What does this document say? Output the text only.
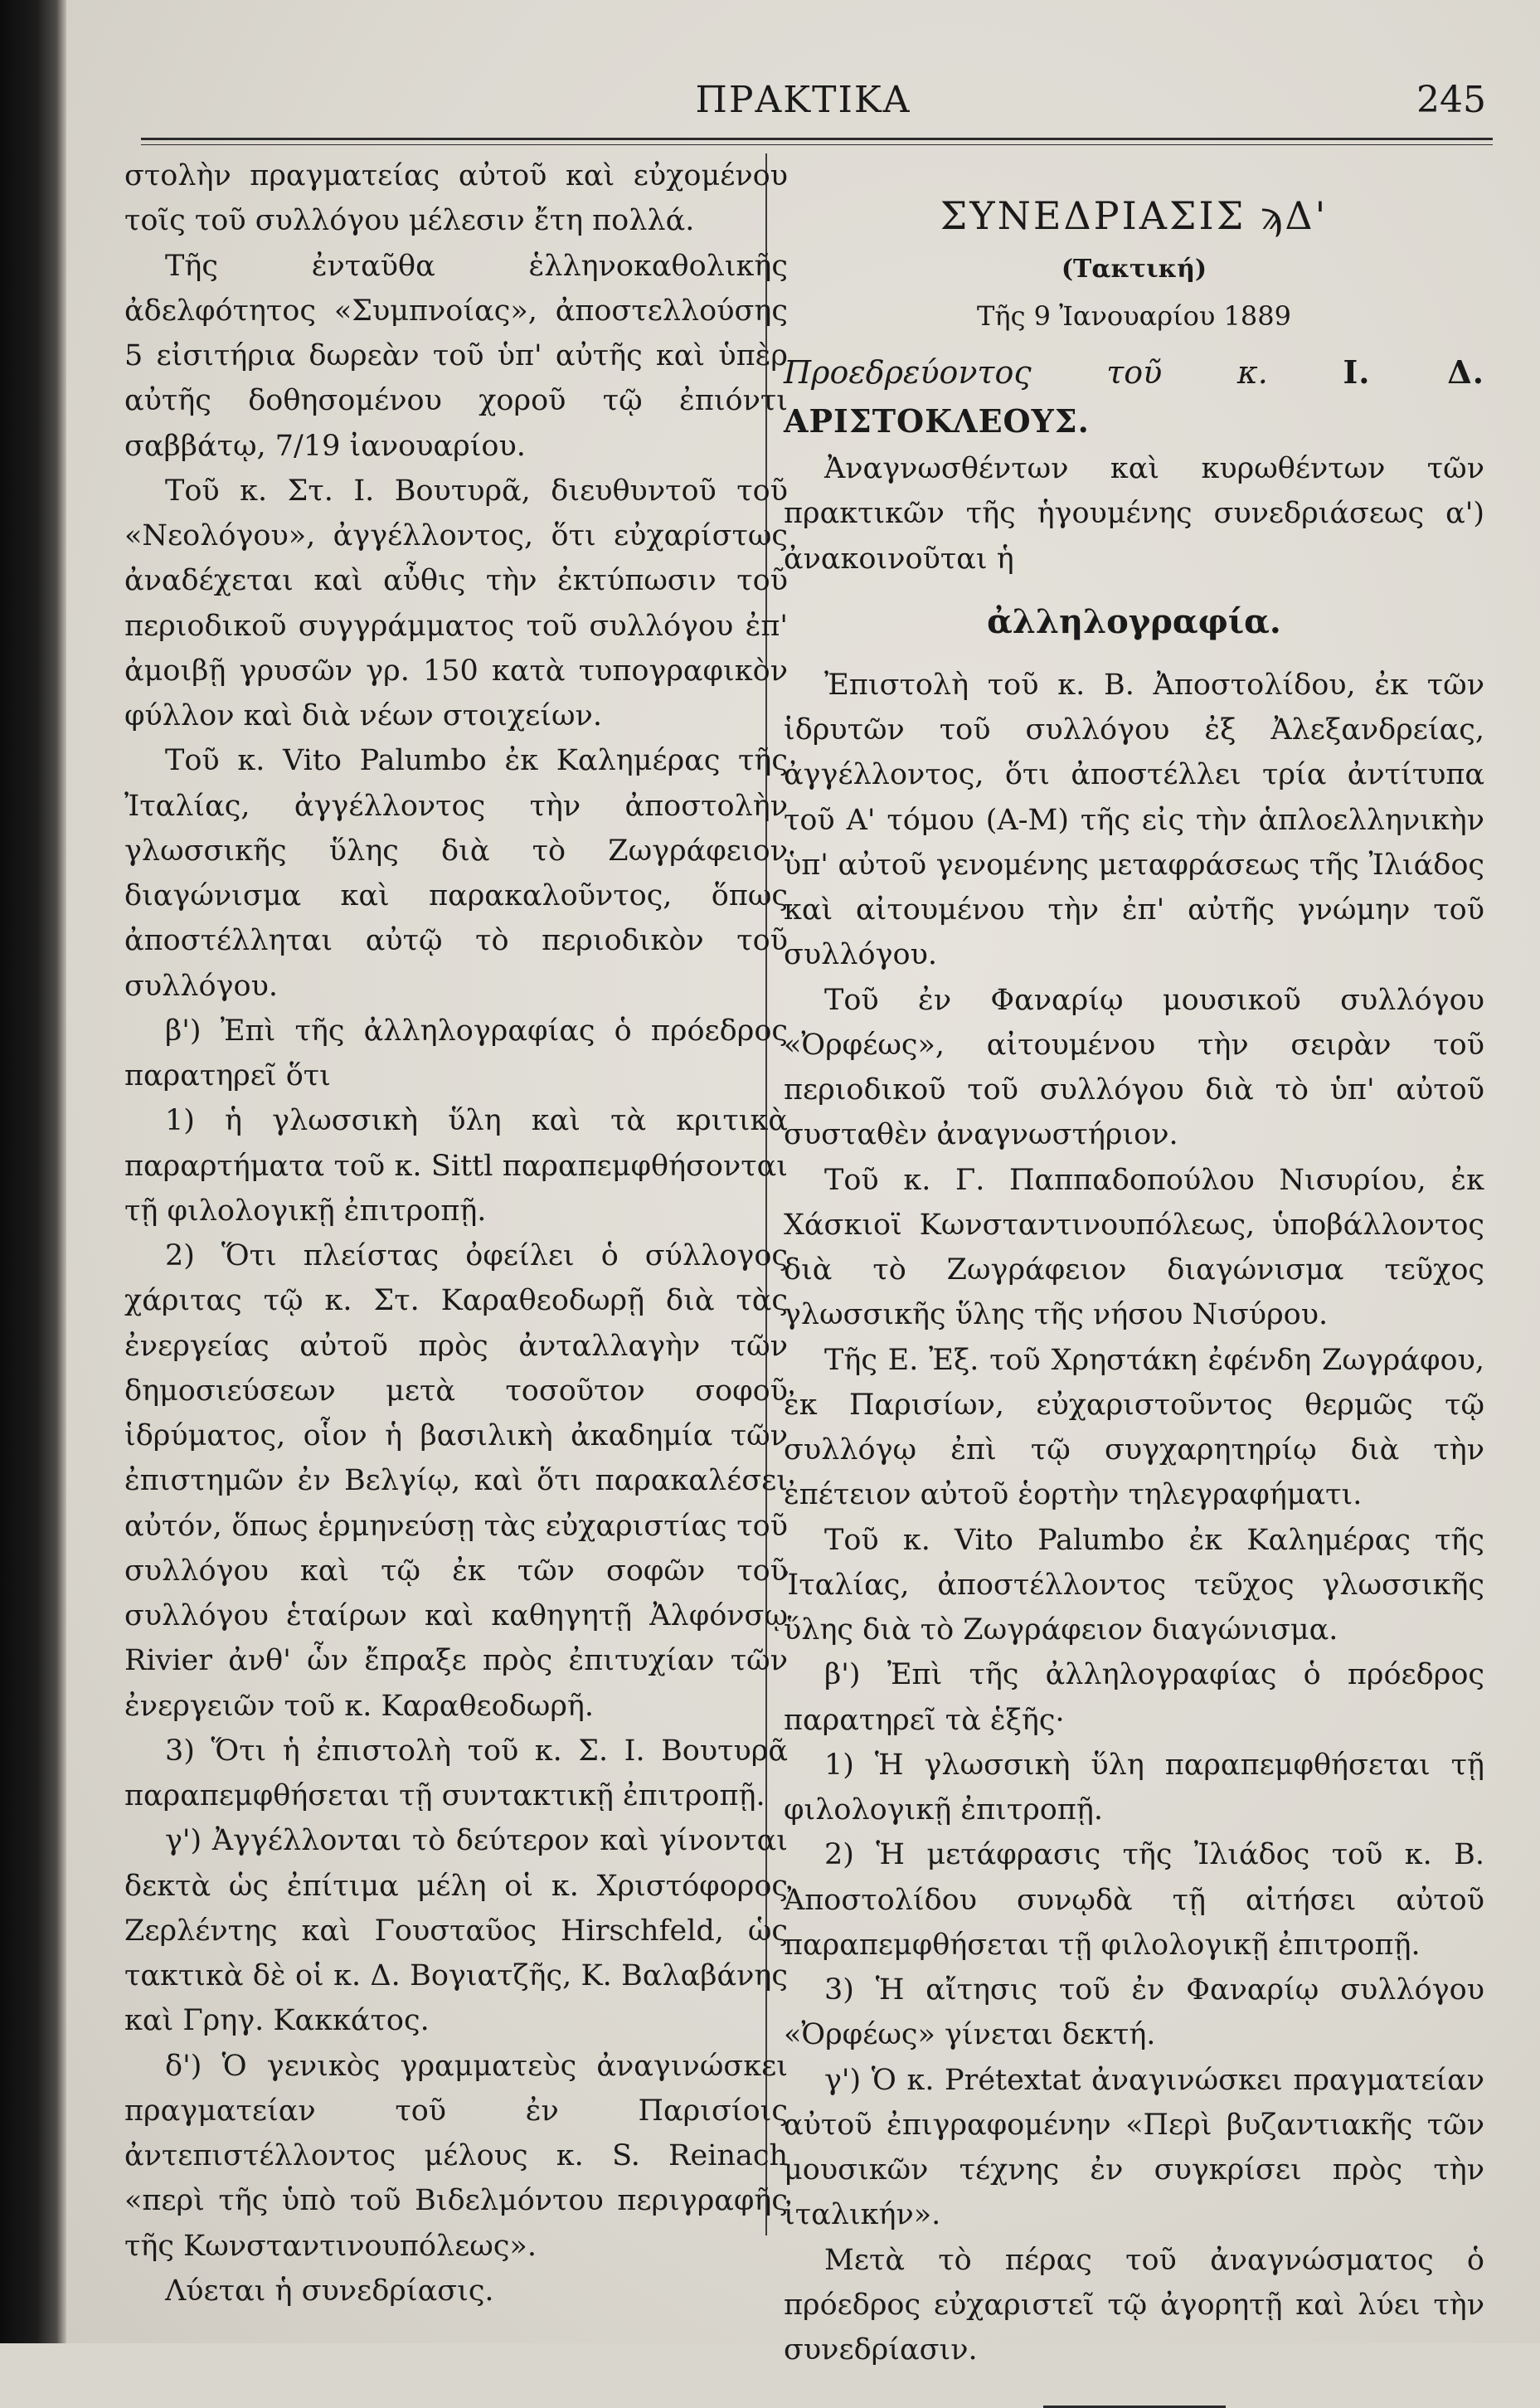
ΠΡΑΚΤΙΚΑ	245

στολὴν πραγματείας αὐτοῦ καὶ εὐχομένου τοῖς τοῦ συλλόγου μέλεσιν ἔτη πολλά.

Τῆς ἐνταῦθα ἑλληνοκαθολικῆς ἀδελφότητος «Συμπνοίας», ἀποστελλούσης 5 εἰσιτήρια δωρεὰν τοῦ ὑπ' αὐτῆς καὶ ὑπὲρ αὐτῆς δοθησομένου χοροῦ τῷ ἐπιόντι σαββάτῳ, 7/19 ἰανουαρίου.

Τοῦ κ. Στ. Ι. Βουτυρᾶ, διευθυντοῦ τοῦ «Νεολόγου», ἀγγέλλοντος, ὅτι εὐχαρίστως ἀναδέχεται καὶ αὖθις τὴν ἐκτύπωσιν τοῦ περιοδικοῦ συγγράμματος τοῦ συλλόγου ἐπ' ἀμοιβῇ γρυσῶν γρ. 150 κατὰ τυπογραφικὸν φύλλον καὶ διὰ νέων στοιχείων.

Τοῦ κ. Vito Palumbo ἐκ Καλημέρας τῆς Ἰταλίας, ἀγγέλλοντος τὴν ἀποστολὴν γλωσσικῆς ὕλης διὰ τὸ Ζωγράφειον διαγώνισμα καὶ παρακαλοῦντος, ὅπως ἀποστέλληται αὐτῷ τὸ περιοδικὸν τοῦ συλλόγου.

β') Ἐπὶ τῆς ἀλληλογραφίας ὁ πρόεδρος παρατηρεῖ ὅτι

1) ἡ γλωσσικὴ ὕλη καὶ τὰ κριτικὰ παραρτήματα τοῦ κ. Sittl παραπεμφθήσονται τῇ φιλολογικῇ ἐπιτροπῇ.

2) Ὅτι πλείστας ὀφείλει ὁ σύλλογος χάριτας τῷ κ. Στ. Καραθεοδωρῇ διὰ τὰς ἐνεργείας αὐτοῦ πρὸς ἀνταλλαγὴν τῶν δημοσιεύσεων μετὰ τοσοῦτον σοφοῦ ἱδρύματος, οἷον ἡ βασιλικὴ ἀκαδημία τῶν ἐπιστημῶν ἐν Βελγίῳ, καὶ ὅτι παρακαλέσει αὐτόν, ὅπως ἑρμηνεύσῃ τὰς εὐχαριστίας τοῦ συλλόγου καὶ τῷ ἐκ τῶν σοφῶν τοῦ συλλόγου ἑταίρων καὶ καθηγητῇ Ἀλφόνσῳ Rivier ἀνθ' ὧν ἔπραξε πρὸς ἐπιτυχίαν τῶν ἐνεργειῶν τοῦ κ. Καραθεοδωρῆ.

3) Ὅτι ἡ ἐπιστολὴ τοῦ κ. Σ. Ι. Βουτυρᾶ παραπεμφθήσεται τῇ συντακτικῇ ἐπιτροπῇ.

γ') Ἀγγέλλονται τὸ δεύτερον καὶ γίνονται δεκτὰ ὡς ἐπίτιμα μέλη οἱ κ. Χριστόφορος Ζερλέντης καὶ Γουσταῦος Hirschfeld, ὡς τακτικὰ δὲ οἱ κ. Δ. Βογιατζῆς, Κ. Βαλαβάνης καὶ Γρηγ. Κακκάτος.

δ') Ὁ γενικὸς γραμματεὺς ἀναγινώσκει πραγματείαν τοῦ ἐν Παρισίοις ἀντεπιστέλλοντος μέλους κ. S. Reinach «περὶ τῆς ὑπὸ τοῦ Βιδελμόντου περιγραφῆς τῆς Κωνσταντινουπόλεως».

Λύεται ἡ συνεδρίασις.

ΣΥΝΕΔΡΙΑΣΙΣ ϡΔ'
(Τακτική)
Τῆς 9 Ἰανουαρίου 1889

Προεδρεύοντος τοῦ κ. Ι. Δ. ΑΡΙΣΤΟΚΛΕΟΥΣ.

Ἀναγνωσθέντων καὶ κυρωθέντων τῶν πρακτικῶν τῆς ἡγουμένης συνεδριάσεως α') ἀνακοινοῦται ἡ

ἀλληλογραφία.

Ἐπιστολὴ τοῦ κ. Β. Ἀποστολίδου, ἐκ τῶν ἱδρυτῶν τοῦ συλλόγου ἐξ Ἀλεξανδρείας, ἀγγέλλοντος, ὅτι ἀποστέλλει τρία ἀντίτυπα τοῦ Α' τόμου (Α-Μ) τῆς εἰς τὴν ἁπλοελληνικὴν ὑπ' αὐτοῦ γενομένης μεταφράσεως τῆς Ἰλιάδος καὶ αἰτουμένου τὴν ἐπ' αὐτῆς γνώμην τοῦ συλλόγου.

Τοῦ ἐν Φαναρίῳ μουσικοῦ συλλόγου «Ὀρφέως», αἰτουμένου τὴν σειρὰν τοῦ περιοδικοῦ τοῦ συλλόγου διὰ τὸ ὑπ' αὐτοῦ συσταθὲν ἀναγνωστήριον.

Τοῦ κ. Γ. Παππαδοπούλου Νισυρίου, ἐκ Χάσκιοϊ Κωνσταντινουπόλεως, ὑποβάλλοντος διὰ τὸ Ζωγράφειον διαγώνισμα τεῦχος γλωσσικῆς ὕλης τῆς νήσου Νισύρου.

Τῆς Ε. Ἐξ. τοῦ Χρηστάκη ἐφένδη Ζωγράφου, ἐκ Παρισίων, εὐχαριστοῦντος θερμῶς τῷ συλλόγῳ ἐπὶ τῷ συγχαρητηρίῳ διὰ τὴν ἐπέτειον αὐτοῦ ἑορτὴν τηλεγραφήματι.

Τοῦ κ. Vito Palumbo ἐκ Καλημέρας τῆς Ἰταλίας, ἀποστέλλοντος τεῦχος γλωσσικῆς ὕλης διὰ τὸ Ζωγράφειον διαγώνισμα.

β') Ἐπὶ τῆς ἀλληλογραφίας ὁ πρόεδρος παρατηρεῖ τὰ ἑξῆς·

1) Ἡ γλωσσικὴ ὕλη παραπεμφθήσεται τῇ φιλολογικῇ ἐπιτροπῇ.

2) Ἡ μετάφρασις τῆς Ἰλιάδος τοῦ κ. Β. Ἀποστολίδου συνῳδὰ τῇ αἰτήσει αὐτοῦ παραπεμφθήσεται τῇ φιλολογικῇ ἐπιτροπῇ.

3) Ἡ αἴτησις τοῦ ἐν Φαναρίῳ συλλόγου «Ὀρφέως» γίνεται δεκτή.

γ') Ὁ κ. Prétextat ἀναγινώσκει πραγματείαν αὐτοῦ ἐπιγραφομένην «Περὶ βυζαντιακῆς τῶν μουσικῶν τέχνης ἐν συγκρίσει πρὸς τὴν ἰταλικήν».

Μετὰ τὸ πέρας τοῦ ἀναγνώσματος ὁ πρόεδρος εὐχαριστεῖ τῷ ἀγορητῇ καὶ λύει τὴν συνεδρίασιν.
